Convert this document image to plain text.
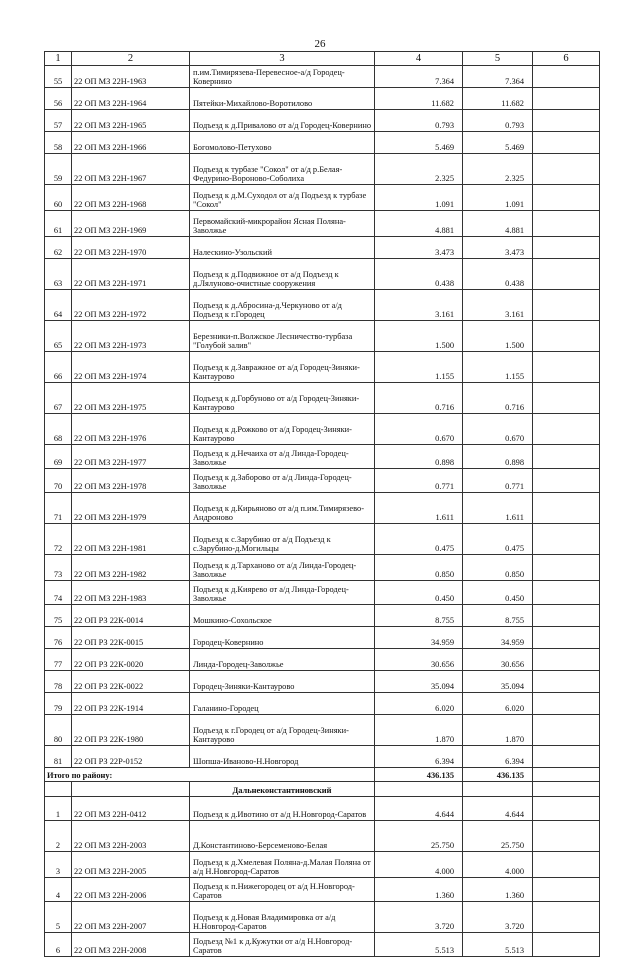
26
1	2	3	4	5	6
55	22 ОП МЗ 22Н-1963	п.им.Тимирязева-Перевесное-а/д Городец-Ковернино	7.364	7.364	
56	22 ОП МЗ 22Н-1964	Пятейки-Михайлово-Воротилово	11.682	11.682	
57	22 ОП МЗ 22Н-1965	Подъезд к д.Привалово от а/д Городец-Ковернино	0.793	0.793	
58	22 ОП МЗ 22Н-1966	Богомолово-Петухово	5.469	5.469	
59	22 ОП МЗ 22Н-1967	Подъезд к турбазе "Сокол" от а/д р.Белая-Федурино-Вороново-Соболиха	2.325	2.325	
60	22 ОП МЗ 22Н-1968	Подъезд к д.М.Суходол от а/д Подъезд к турбазе "Сокол"	1.091	1.091	
61	22 ОП МЗ 22Н-1969	Первомайский-микрорайон Ясная Поляна-Заволжье	4.881	4.881	
62	22 ОП МЗ 22Н-1970	Налескино-Узольский	3.473	3.473	
63	22 ОП МЗ 22Н-1971	Подъезд к д.Подвижное от а/д Подъезд к д.Лялуново-очистные сооружения	0.438	0.438	
64	22 ОП МЗ 22Н-1972	Подъезд к д.Абросина-д.Черкуново от а/д Подъезд к г.Городец	3.161	3.161	
65	22 ОП МЗ 22Н-1973	Березники-п.Волжское Лесничество-турбаза "Голубой залив"	1.500	1.500	
66	22 ОП МЗ 22Н-1974	Подъезд к д.Завражное от а/д Городец-Зиняки-Кантаурово	1.155	1.155	
67	22 ОП МЗ 22Н-1975	Подъезд к д.Горбуново от а/д Городец-Зиняки-Кантаурово	0.716	0.716	
68	22 ОП МЗ 22Н-1976	Подъезд к д.Рожково от а/д Городец-Зиняки-Кантаурово	0.670	0.670	
69	22 ОП МЗ 22Н-1977	Подъезд к д.Нечаиха от а/д Линда-Городец-Заволжье	0.898	0.898	
70	22 ОП МЗ 22Н-1978	Подъезд к д.Заборово от а/д Линда-Городец-Заволжье	0.771	0.771	
71	22 ОП МЗ 22Н-1979	Подъезд к д.Кирьяново от а/д п.им.Тимирязево-Андроново	1.611	1.611	
72	22 ОП МЗ 22Н-1981	Подъезд к с.Зарубино от а/д Подъезд к с.Зарубино-д.Могильцы	0.475	0.475	
73	22 ОП МЗ 22Н-1982	Подъезд к д.Тарханово от а/д Линда-Городец-Заволжье	0.850	0.850	
74	22 ОП МЗ 22Н-1983	Подъезд к д.Киярево от а/д Линда-Городец-Заволжье	0.450	0.450	
75	22 ОП РЗ 22К-0014	Мошкино-Сохольское	8.755	8.755	
76	22 ОП РЗ 22К-0015	Городец-Ковернино	34.959	34.959	
77	22 ОП РЗ 22К-0020	Линда-Городец-Заволжье	30.656	30.656	
78	22 ОП РЗ 22К-0022	Городец-Зиняки-Кантаурово	35.094	35.094	
79	22 ОП РЗ 22К-1914	Галанино-Городец	6.020	6.020	
80	22 ОП РЗ 22К-1980	Подъезд к г.Городец от а/д Городец-Зиняки-Кантаурово	1.870	1.870	
81	22 ОП РЗ 22Р-0152	Шопша-Иваново-Н.Новгород	6.394	6.394	
Итого по району:			436.135	436.135	
		Дальнеконстантиновский			
1	22 ОП МЗ 22Н-0412	Подъезд к д.Ивотино от а/д Н.Новгород-Саратов	4.644	4.644	
2	22 ОП МЗ 22Н-2003	Д.Константиново-Берсеменово-Белая	25.750	25.750	
3	22 ОП МЗ 22Н-2005	Подъезд к д.Хмелевая Поляна-д.Малая Поляна от а/д Н.Новгород-Саратов	4.000	4.000	
4	22 ОП МЗ 22Н-2006	Подъезд к п.Нижегородец от а/д Н.Новгород-Саратов	1.360	1.360	
5	22 ОП МЗ 22Н-2007	Подъезд к д.Новая Владимировка от а/д Н.Новгород-Саратов	3.720	3.720	
6	22 ОП МЗ 22Н-2008	Подъезд №1 к д.Кужутки от а/д Н.Новгород-Саратов	5.513	5.513	
